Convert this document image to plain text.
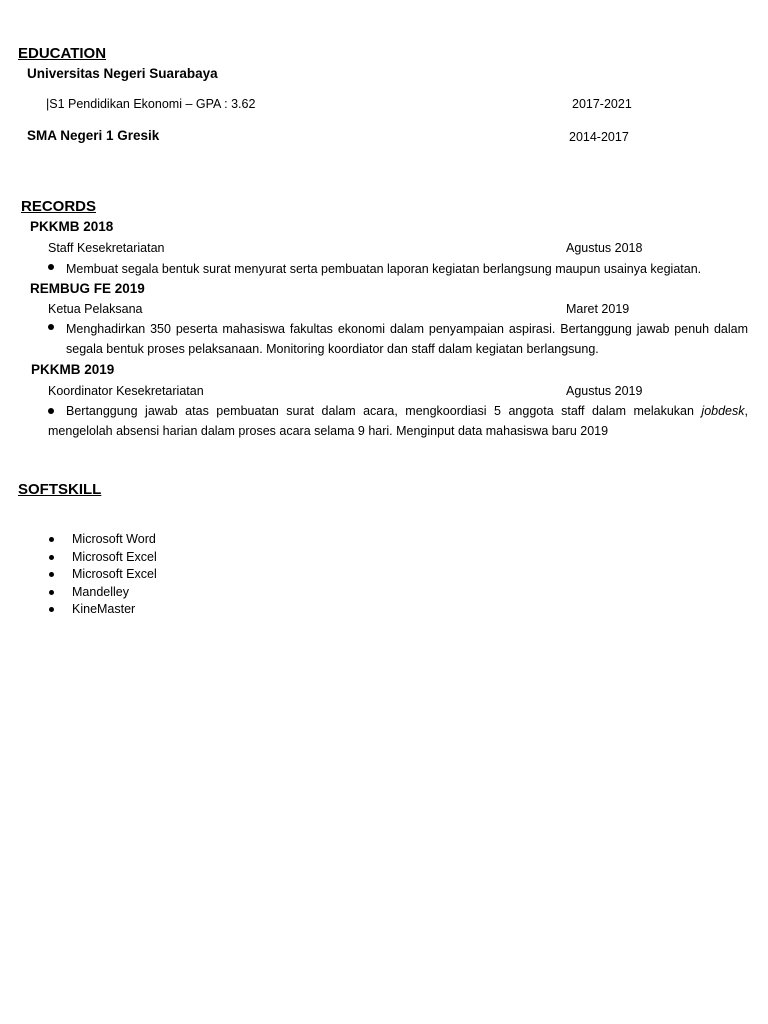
EDUCATION
Universitas Negeri Suarabaya
|S1 Pendidikan Ekonomi – GPA : 3.62	2017-2021
SMA Negeri 1 Gresik	2014-2017
RECORDS
PKKMB 2018
Staff Kesekretariatan	Agustus 2018
Membuat segala bentuk surat menyurat serta pembuatan laporan kegiatan berlangsung maupun usainya kegiatan.
REMBUG FE 2019
Ketua Pelaksana	Maret 2019
Menghadirkan 350 peserta mahasiswa fakultas ekonomi dalam penyampaian aspirasi. Bertanggung jawab penuh dalam segala bentuk proses pelaksanaan. Monitoring koordiator dan staff dalam kegiatan berlangsung.
PKKMB 2019
Koordinator Kesekretariatan	Agustus 2019
Bertanggung jawab atas pembuatan surat dalam acara, mengkoordiasi 5 anggota staff dalam melakukan jobdesk, mengelolah absensi harian dalam proses acara selama 9 hari. Menginput data mahasiswa baru 2019
SOFTSKILL
Microsoft Word
Microsoft Excel
Microsoft Excel
Mandelley
KineMaster
